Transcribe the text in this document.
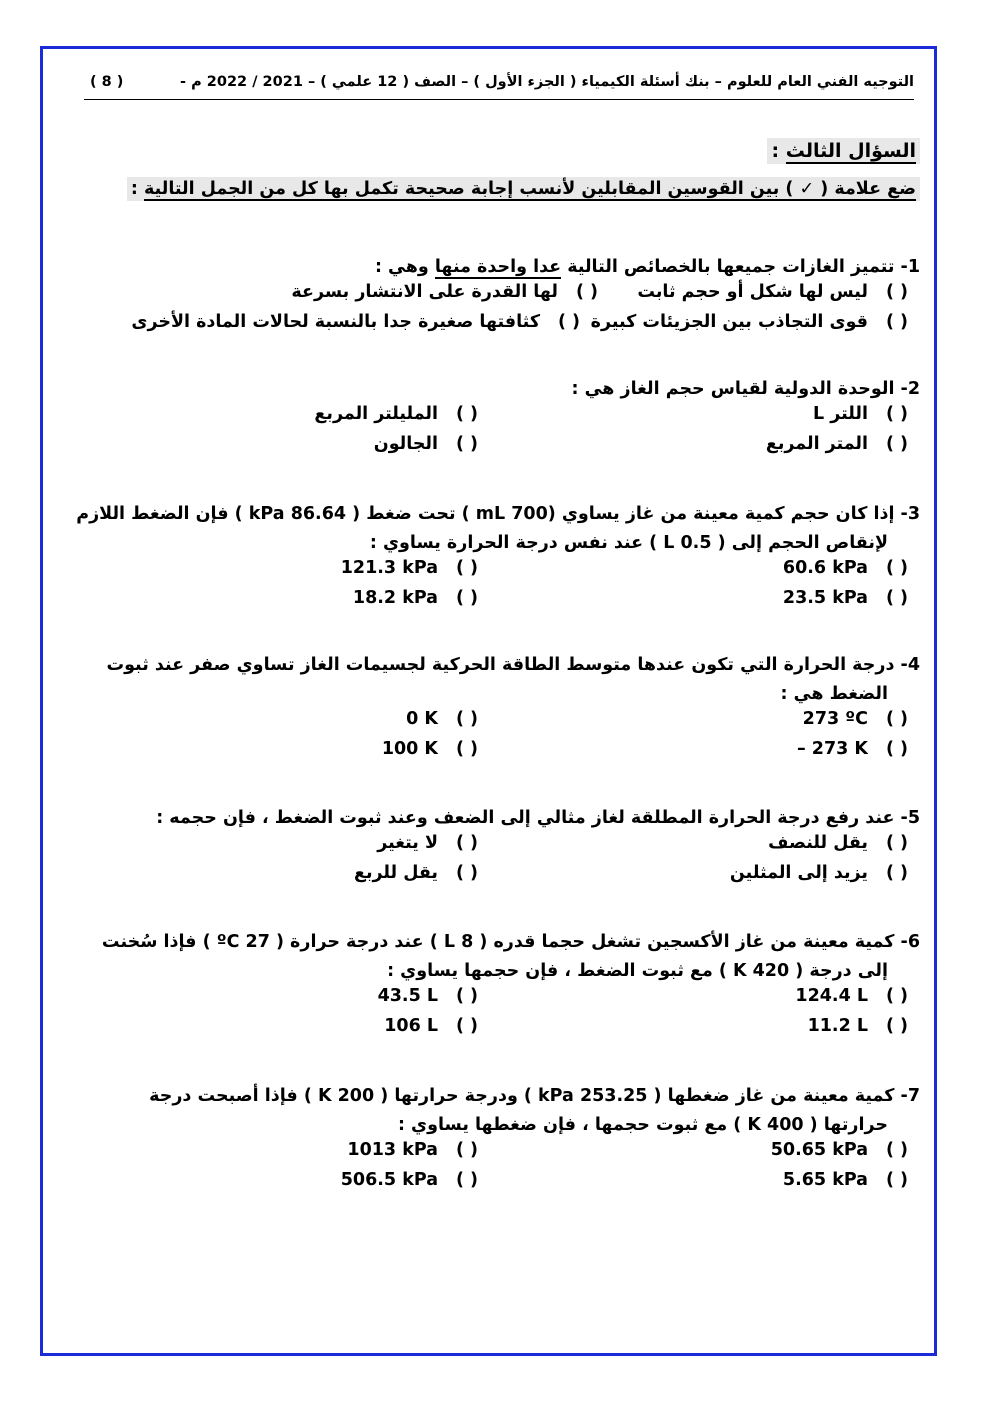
التوجيه الفني العام للعلوم – بنك أسئلة الكيمياء ( الجزء الأول ) – الصف ( 12 علمي ) – 2021 / 2022 م -
( 8 )
السؤال الثالث :
ضع علامة ( ✓ ) بين القوسين المقابلين لأنسب إجابة صحيحة تكمل بها كل من الجمل التالية :
1- تتميز الغازات جميعها بالخصائص التالية عدا واحدة منها وهي :
( )
ليس لها شكل أو حجم ثابت
( )
لها القدرة على الانتشار بسرعة
( )
قوى التجاذب بين الجزيئات كبيرة
( )
كثافتها صغيرة جدا بالنسبة لحالات المادة الأخرى
2- الوحدة الدولية لقياس حجم الغاز هي :
( )
اللتر L
( )
المليلتر المربع
( )
المتر المربع
( )
الجالون
3- إذا كان حجم كمية معينة من غاز يساوي (700 mL ) تحت ضغط ( 86.64 kPa ) فإن الضغط اللازم
لإنقاص الحجم إلى ( 0.5 L ) عند نفس درجة الحرارة يساوي :
( )
60.6 kPa
( )
121.3 kPa
( )
23.5 kPa
( )
18.2 kPa
4- درجة الحرارة التي تكون عندها متوسط الطاقة الحركية لجسيمات الغاز تساوي صفر عند ثبوت
الضغط هي :
( )
273 ºC
( )
0 K
( )
– 273 K
( )
100 K
5- عند رفع درجة الحرارة المطلقة لغاز مثالي إلى الضعف وعند ثبوت الضغط ، فإن حجمه :
( )
يقل للنصف
( )
لا يتغير
( )
يزيد إلى المثلين
( )
يقل للربع
6- كمية معينة من غاز الأكسجين تشغل حجما قدره ( 8 L ) عند درجة حرارة ( 27 ºC ) فإذا سُخنت
إلى درجة ( 420 K ) مع ثبوت الضغط ، فإن حجمها يساوي :
( )
124.4 L
( )
43.5 L
( )
11.2 L
( )
106 L
7- كمية معينة من غاز ضغطها ( 253.25 kPa ) ودرجة حرارتها ( 200 K ) فإذا أصبحت درجة
حرارتها ( 400 K ) مع ثبوت حجمها ، فإن ضغطها يساوي :
( )
50.65 kPa
( )
1013 kPa
( )
5.65 kPa
( )
506.5 kPa
